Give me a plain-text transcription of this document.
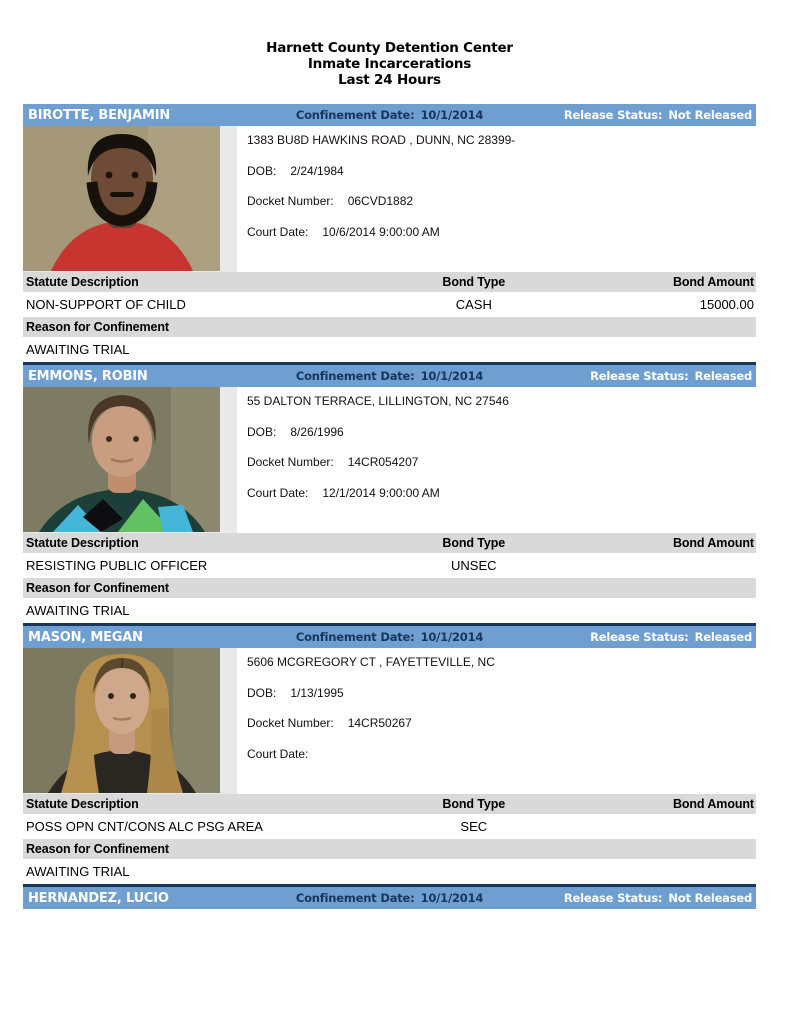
Harnett County Detention Center
Inmate Incarcerations
Last 24 Hours
BIROTTE, BENJAMIN	Confinement Date: 10/1/2014	Release Status: Not Released
1383 BU8D HAWKINS ROAD , DUNN, NC 28399-
DOB: 2/24/1984
Docket Number: 06CVD1882
Court Date: 10/6/2014 9:00:00 AM
Statute Description	Bond Type	Bond Amount
NON-SUPPORT OF CHILD	CASH	15000.00
Reason for Confinement
AWAITING TRIAL
EMMONS, ROBIN	Confinement Date: 10/1/2014	Release Status: Released
55 DALTON TERRACE, LILLINGTON, NC 27546
DOB: 8/26/1996
Docket Number: 14CR054207
Court Date: 12/1/2014 9:00:00 AM
Statute Description	Bond Type	Bond Amount
RESISTING PUBLIC OFFICER	UNSEC
Reason for Confinement
AWAITING TRIAL
MASON, MEGAN	Confinement Date: 10/1/2014	Release Status: Released
5606 MCGREGORY CT , FAYETTEVILLE, NC
DOB: 1/13/1995
Docket Number: 14CR50267
Court Date:
Statute Description	Bond Type	Bond Amount
POSS OPN CNT/CONS ALC PSG AREA	SEC
Reason for Confinement
AWAITING TRIAL
HERNANDEZ, LUCIO	Confinement Date: 10/1/2014	Release Status: Not Released
